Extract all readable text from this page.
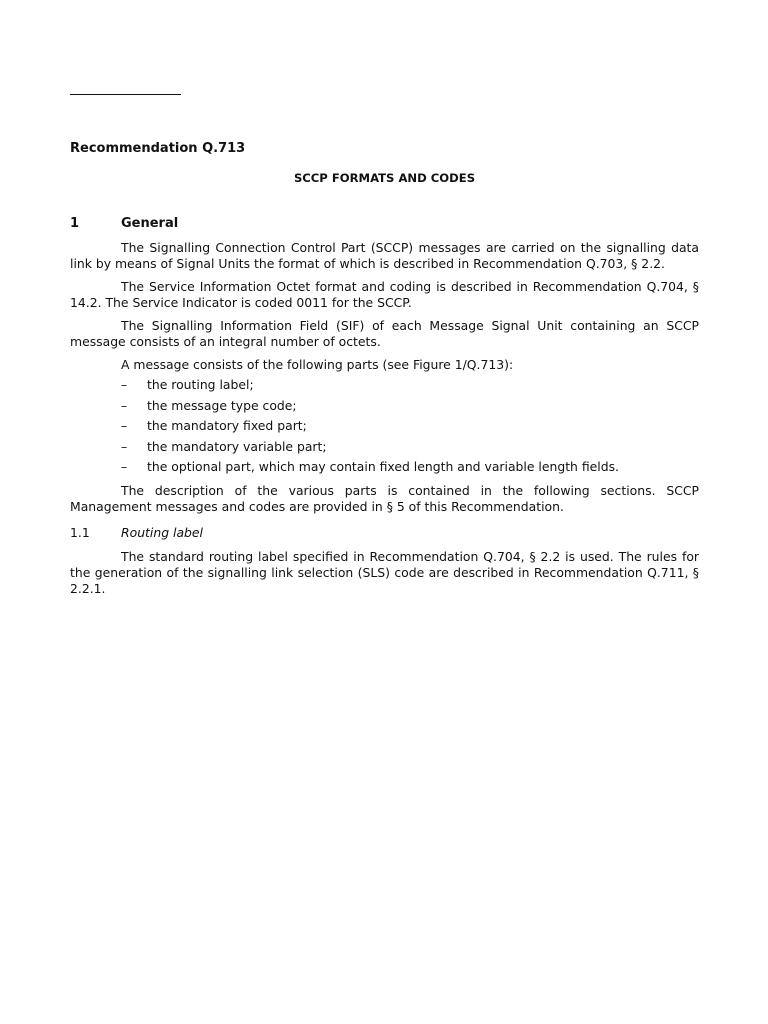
Recommendation Q.713
SCCP FORMATS AND CODES
1	General

The Signalling Connection Control Part (SCCP) messages are carried on the signalling data link by means of Signal Units the format of which is described in Recommendation Q.703, § 2.2.

The Service Information Octet format and coding is described in Recommendation Q.704, § 14.2. The Service Indicator is coded 0011 for the SCCP.

The Signalling Information Field (SIF) of each Message Signal Unit containing an SCCP message consists of an integral number of octets.

A message consists of the following parts (see Figure 1/Q.713):

– the routing label;
– the message type code;
– the mandatory fixed part;
– the mandatory variable part;
– the optional part, which may contain fixed length and variable length fields.

The description of the various parts is contained in the following sections. SCCP Management messages and codes are provided in § 5 of this Recommendation.

1.1	Routing label

The standard routing label specified in Recommendation Q.704, § 2.2 is used. The rules for the generation of the signalling link selection (SLS) code are described in Recommendation Q.711, § 2.2.1.
